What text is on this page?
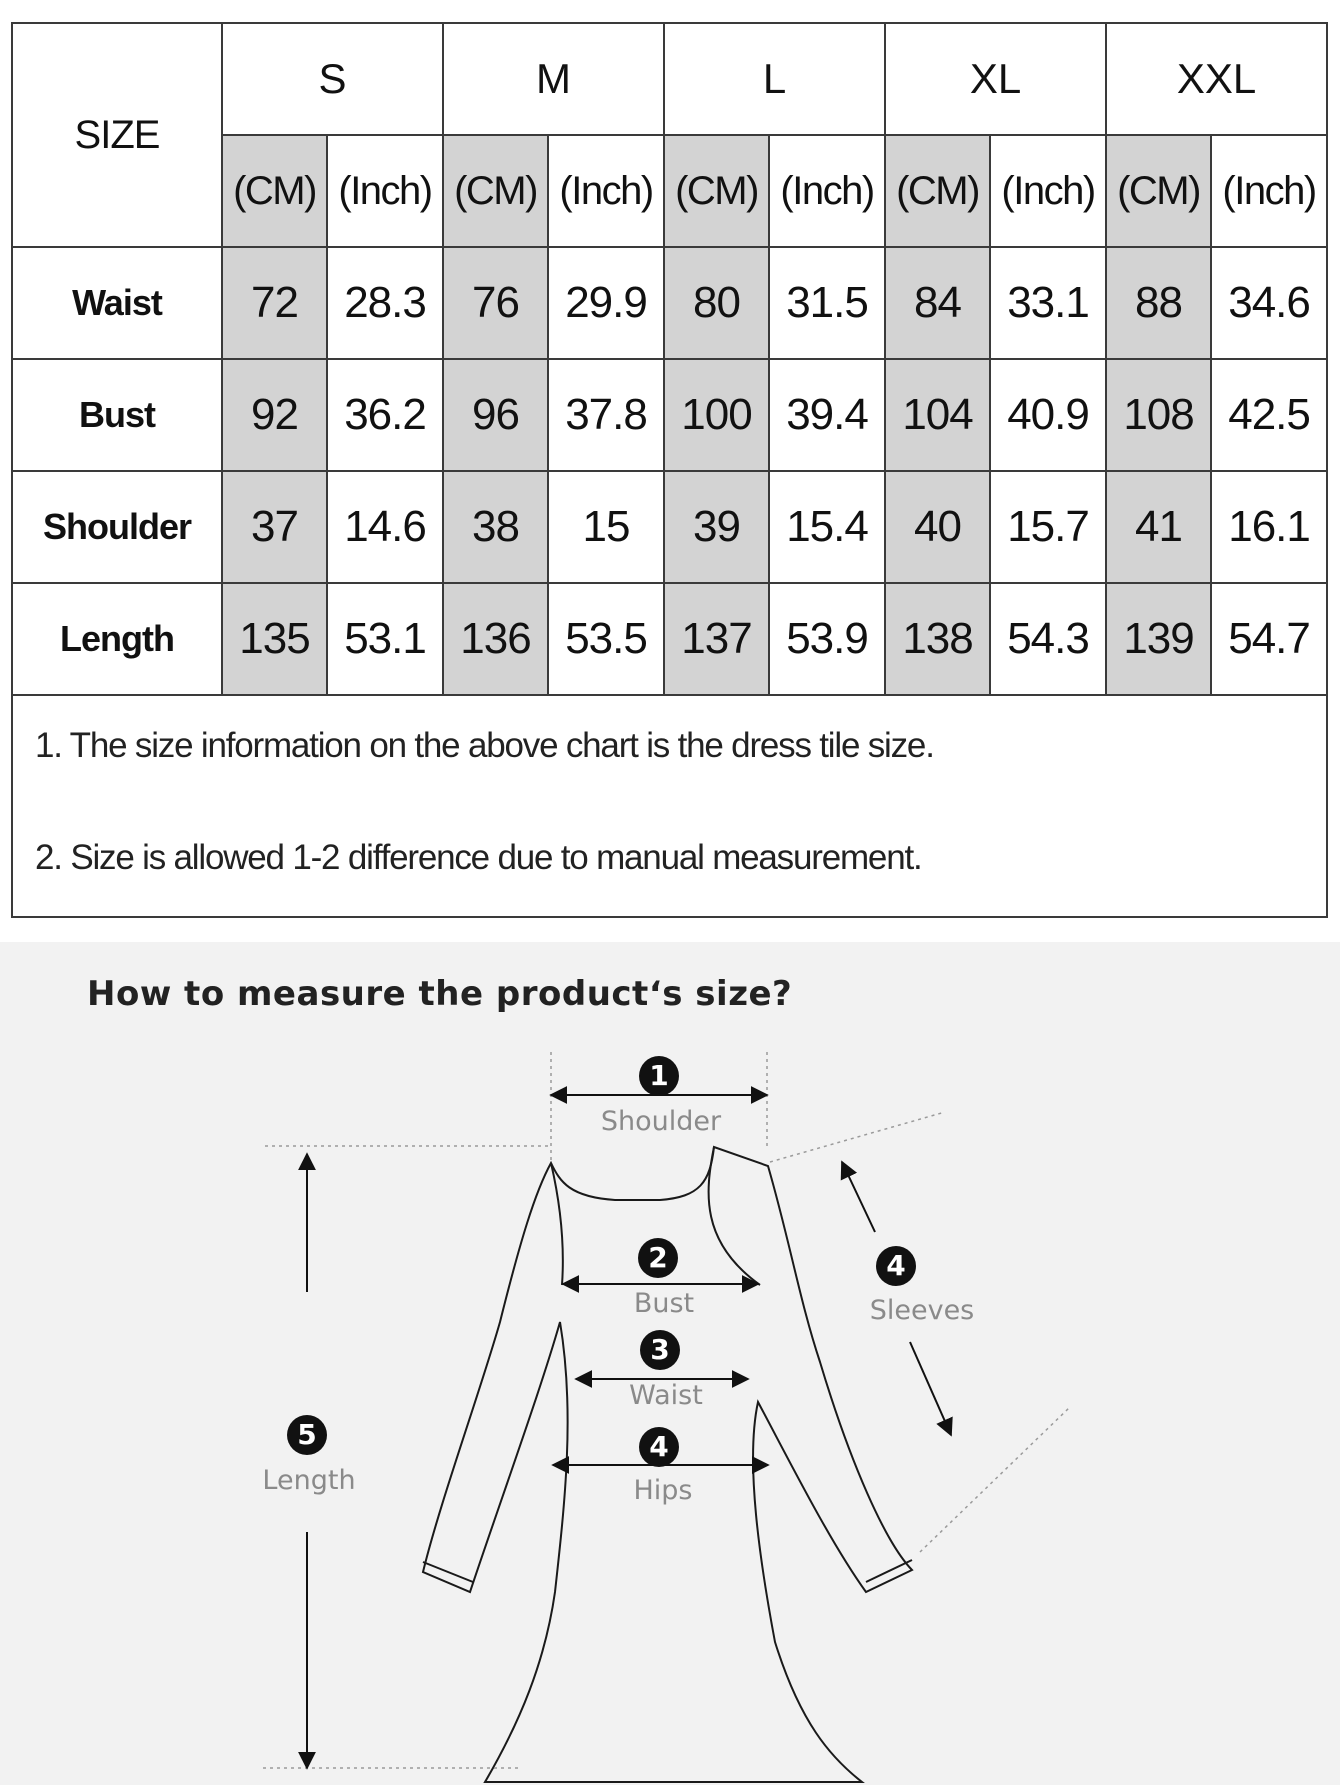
SIZE	S		M		L		XL		XXL	
	(CM)	(Inch)	(CM)	(Inch)	(CM)	(Inch)	(CM)	(Inch)	(CM)	(Inch)
Waist	72	28.3	76	29.9	80	31.5	84	33.1	88	34.6
Bust	92	36.2	96	37.8	100	39.4	104	40.9	108	42.5
Shoulder	37	14.6	38	15	39	15.4	40	15.7	41	16.1
Length	135	53.1	136	53.5	137	53.9	138	54.3	139	54.7

1. The size information on the above chart is the dress tile size.
2. Size is allowed 1-2 difference due to manual measurement.										
How to measure the product‘s size?
1
Shoulder
2
Bust
3
Waist
4
Hips
4
Sleeves
5
Length
